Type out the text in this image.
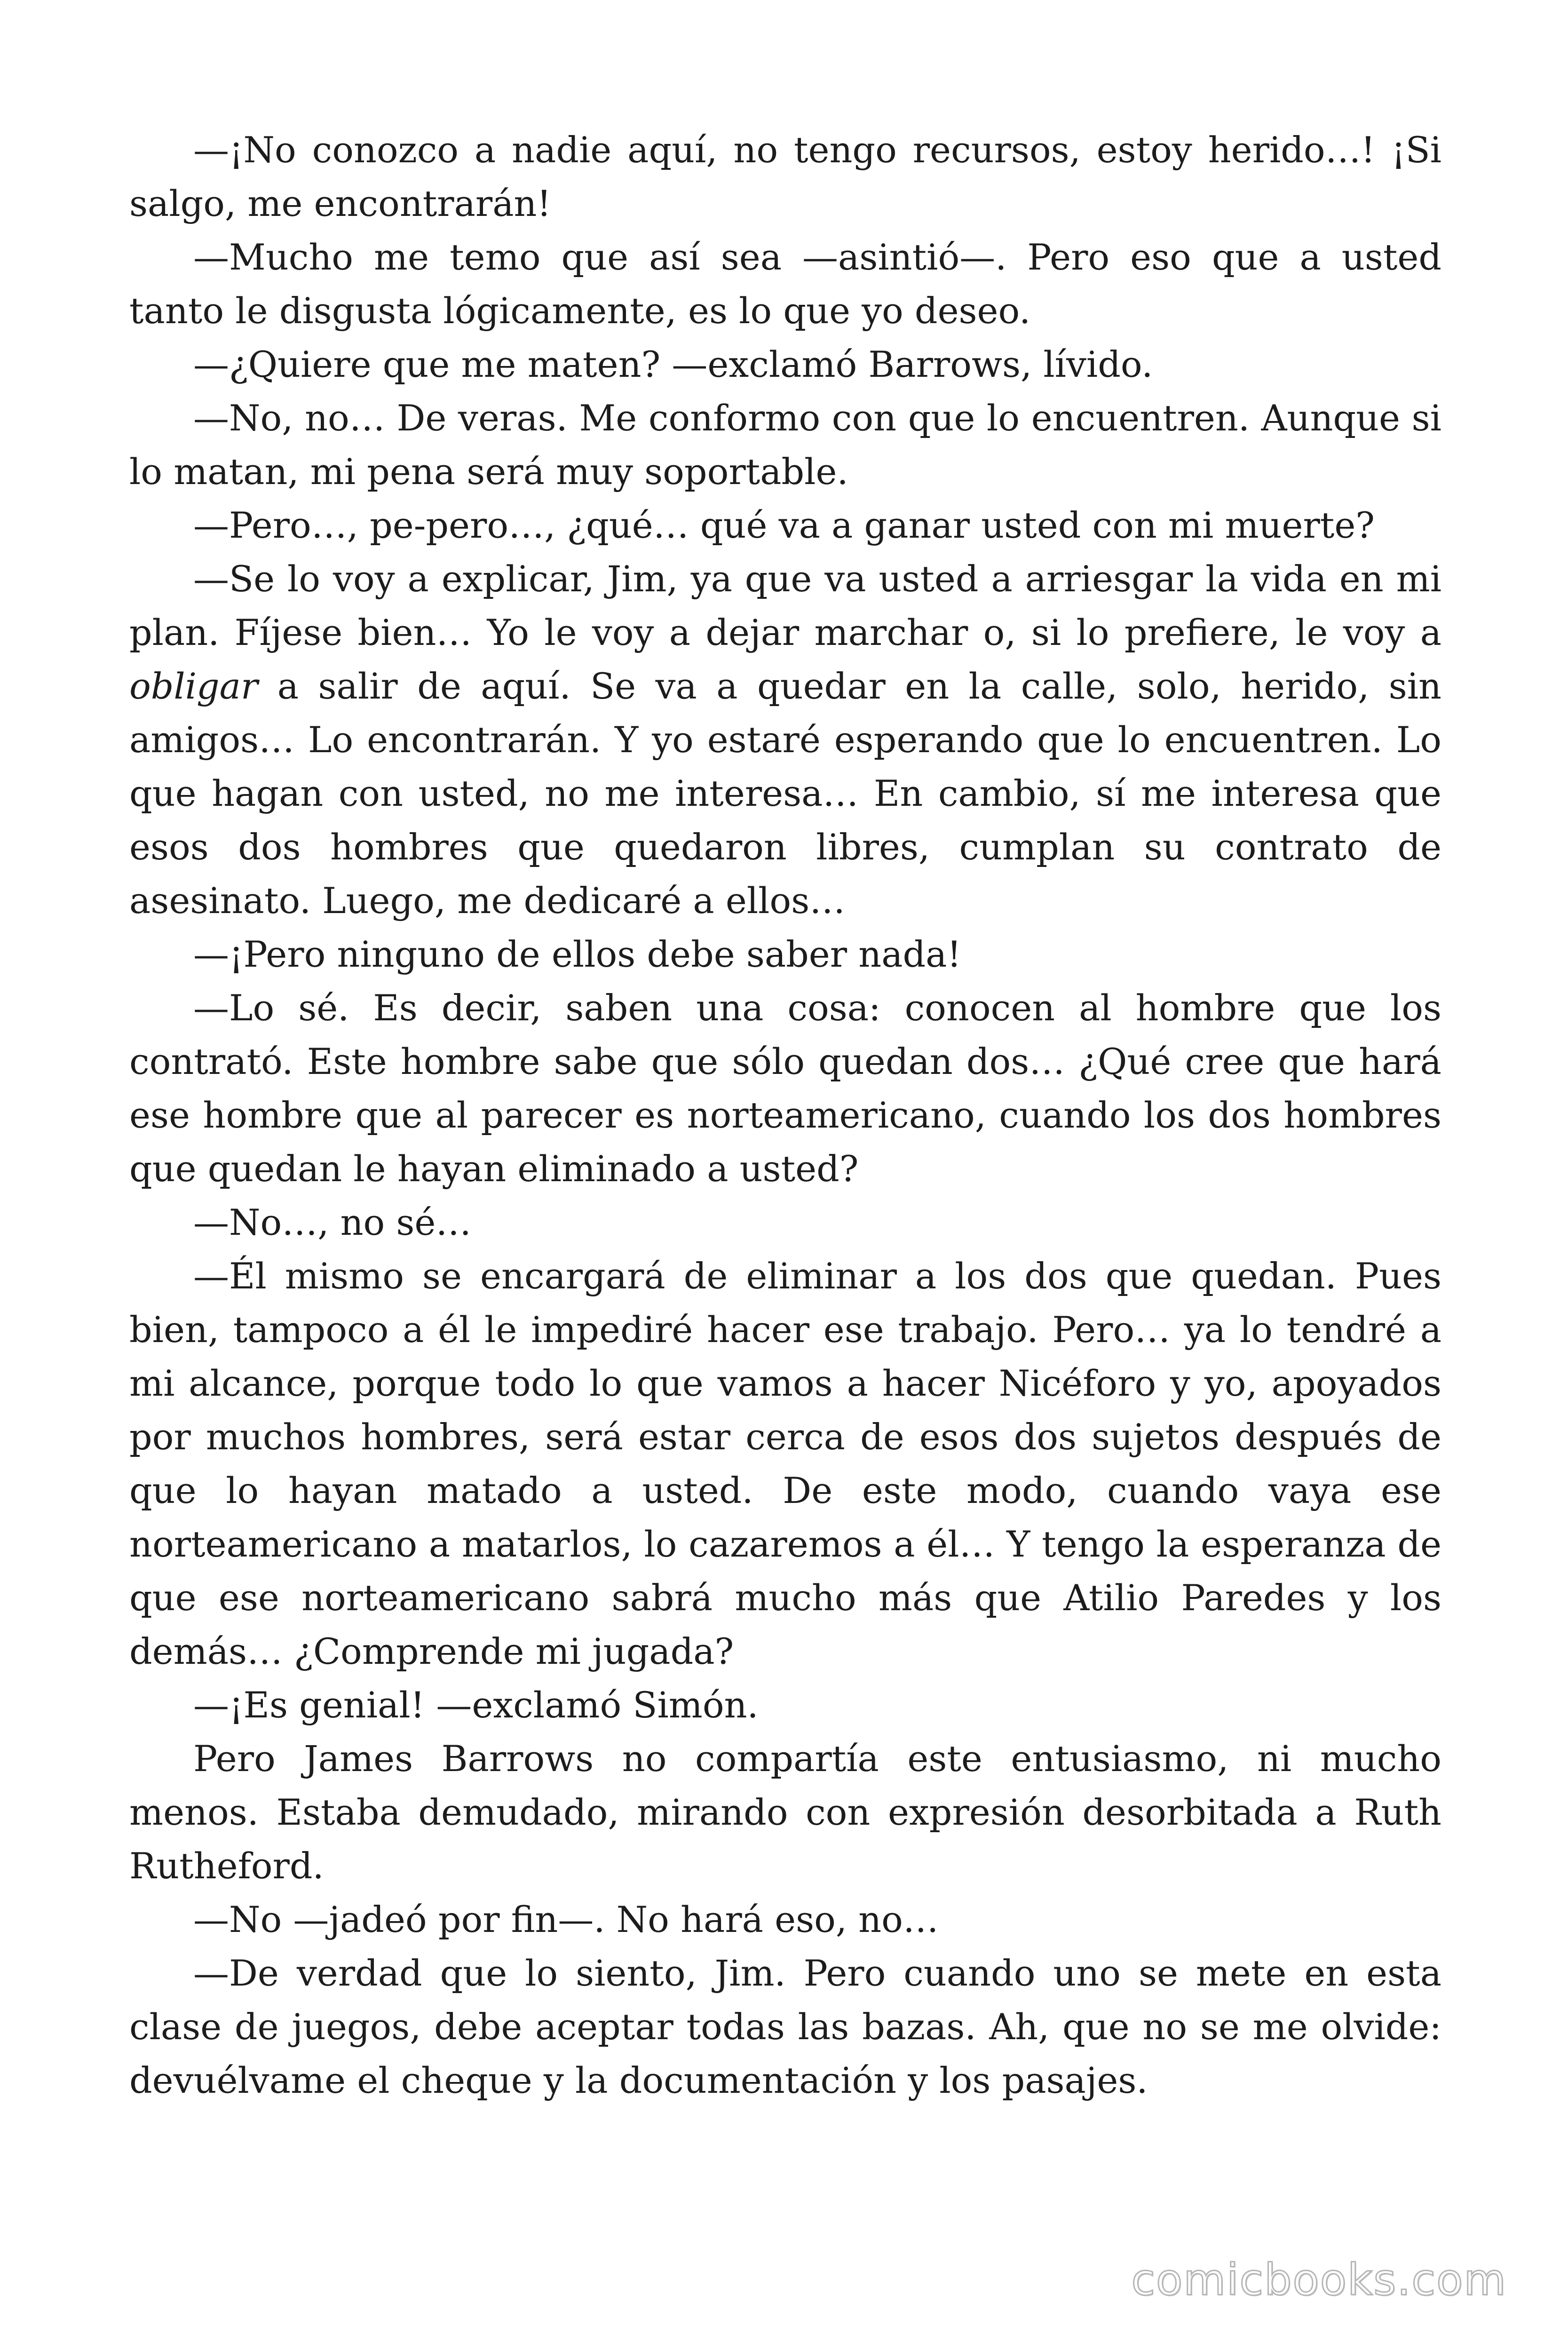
—¡No conozco a nadie aquí, no tengo recursos, estoy herido…! ¡Si salgo, me encontrarán!

—Mucho me temo que así sea —asintió—. Pero eso que a usted tanto le disgusta lógicamente, es lo que yo deseo.

—¿Quiere que me maten? —exclamó Barrows, lívido.

—No, no… De veras. Me conformo con que lo encuentren. Aunque si lo matan, mi pena será muy soportable.

—Pero…, pe-pero…, ¿qué… qué va a ganar usted con mi muerte?

—Se lo voy a explicar, Jim, ya que va usted a arriesgar la vida en mi plan. Fíjese bien… Yo le voy a dejar marchar o, si lo prefiere, le voy a obligar a salir de aquí. Se va a quedar en la calle, solo, herido, sin amigos… Lo encontrarán. Y yo estaré esperando que lo encuentren. Lo que hagan con usted, no me interesa… En cambio, sí me interesa que esos dos hombres que quedaron libres, cumplan su contrato de asesinato. Luego, me dedicaré a ellos…

—¡Pero ninguno de ellos debe saber nada!

—Lo sé. Es decir, saben una cosa: conocen al hombre que los contrató. Este hombre sabe que sólo quedan dos… ¿Qué cree que hará ese hombre que al parecer es norteamericano, cuando los dos hombres que quedan le hayan eliminado a usted?

—No…, no sé…

—Él mismo se encargará de eliminar a los dos que quedan. Pues bien, tampoco a él le impediré hacer ese trabajo. Pero… ya lo tendré a mi alcance, porque todo lo que vamos a hacer Nicéforo y yo, apoyados por muchos hombres, será estar cerca de esos dos sujetos después de que lo hayan matado a usted. De este modo, cuando vaya ese norteamericano a matarlos, lo cazaremos a él… Y tengo la esperanza de que ese norteamericano sabrá mucho más que Atilio Paredes y los demás… ¿Comprende mi jugada?

—¡Es genial! —exclamó Simón.

Pero James Barrows no compartía este entusiasmo, ni mucho menos. Estaba demudado, mirando con expresión desorbitada a Ruth Rutheford.

—No —jadeó por fin—. No hará eso, no…

—De verdad que lo siento, Jim. Pero cuando uno se mete en esta clase de juegos, debe aceptar todas las bazas. Ah, que no se me olvide: devuélvame el cheque y la documentación y los pasajes.

comicbooks.com
